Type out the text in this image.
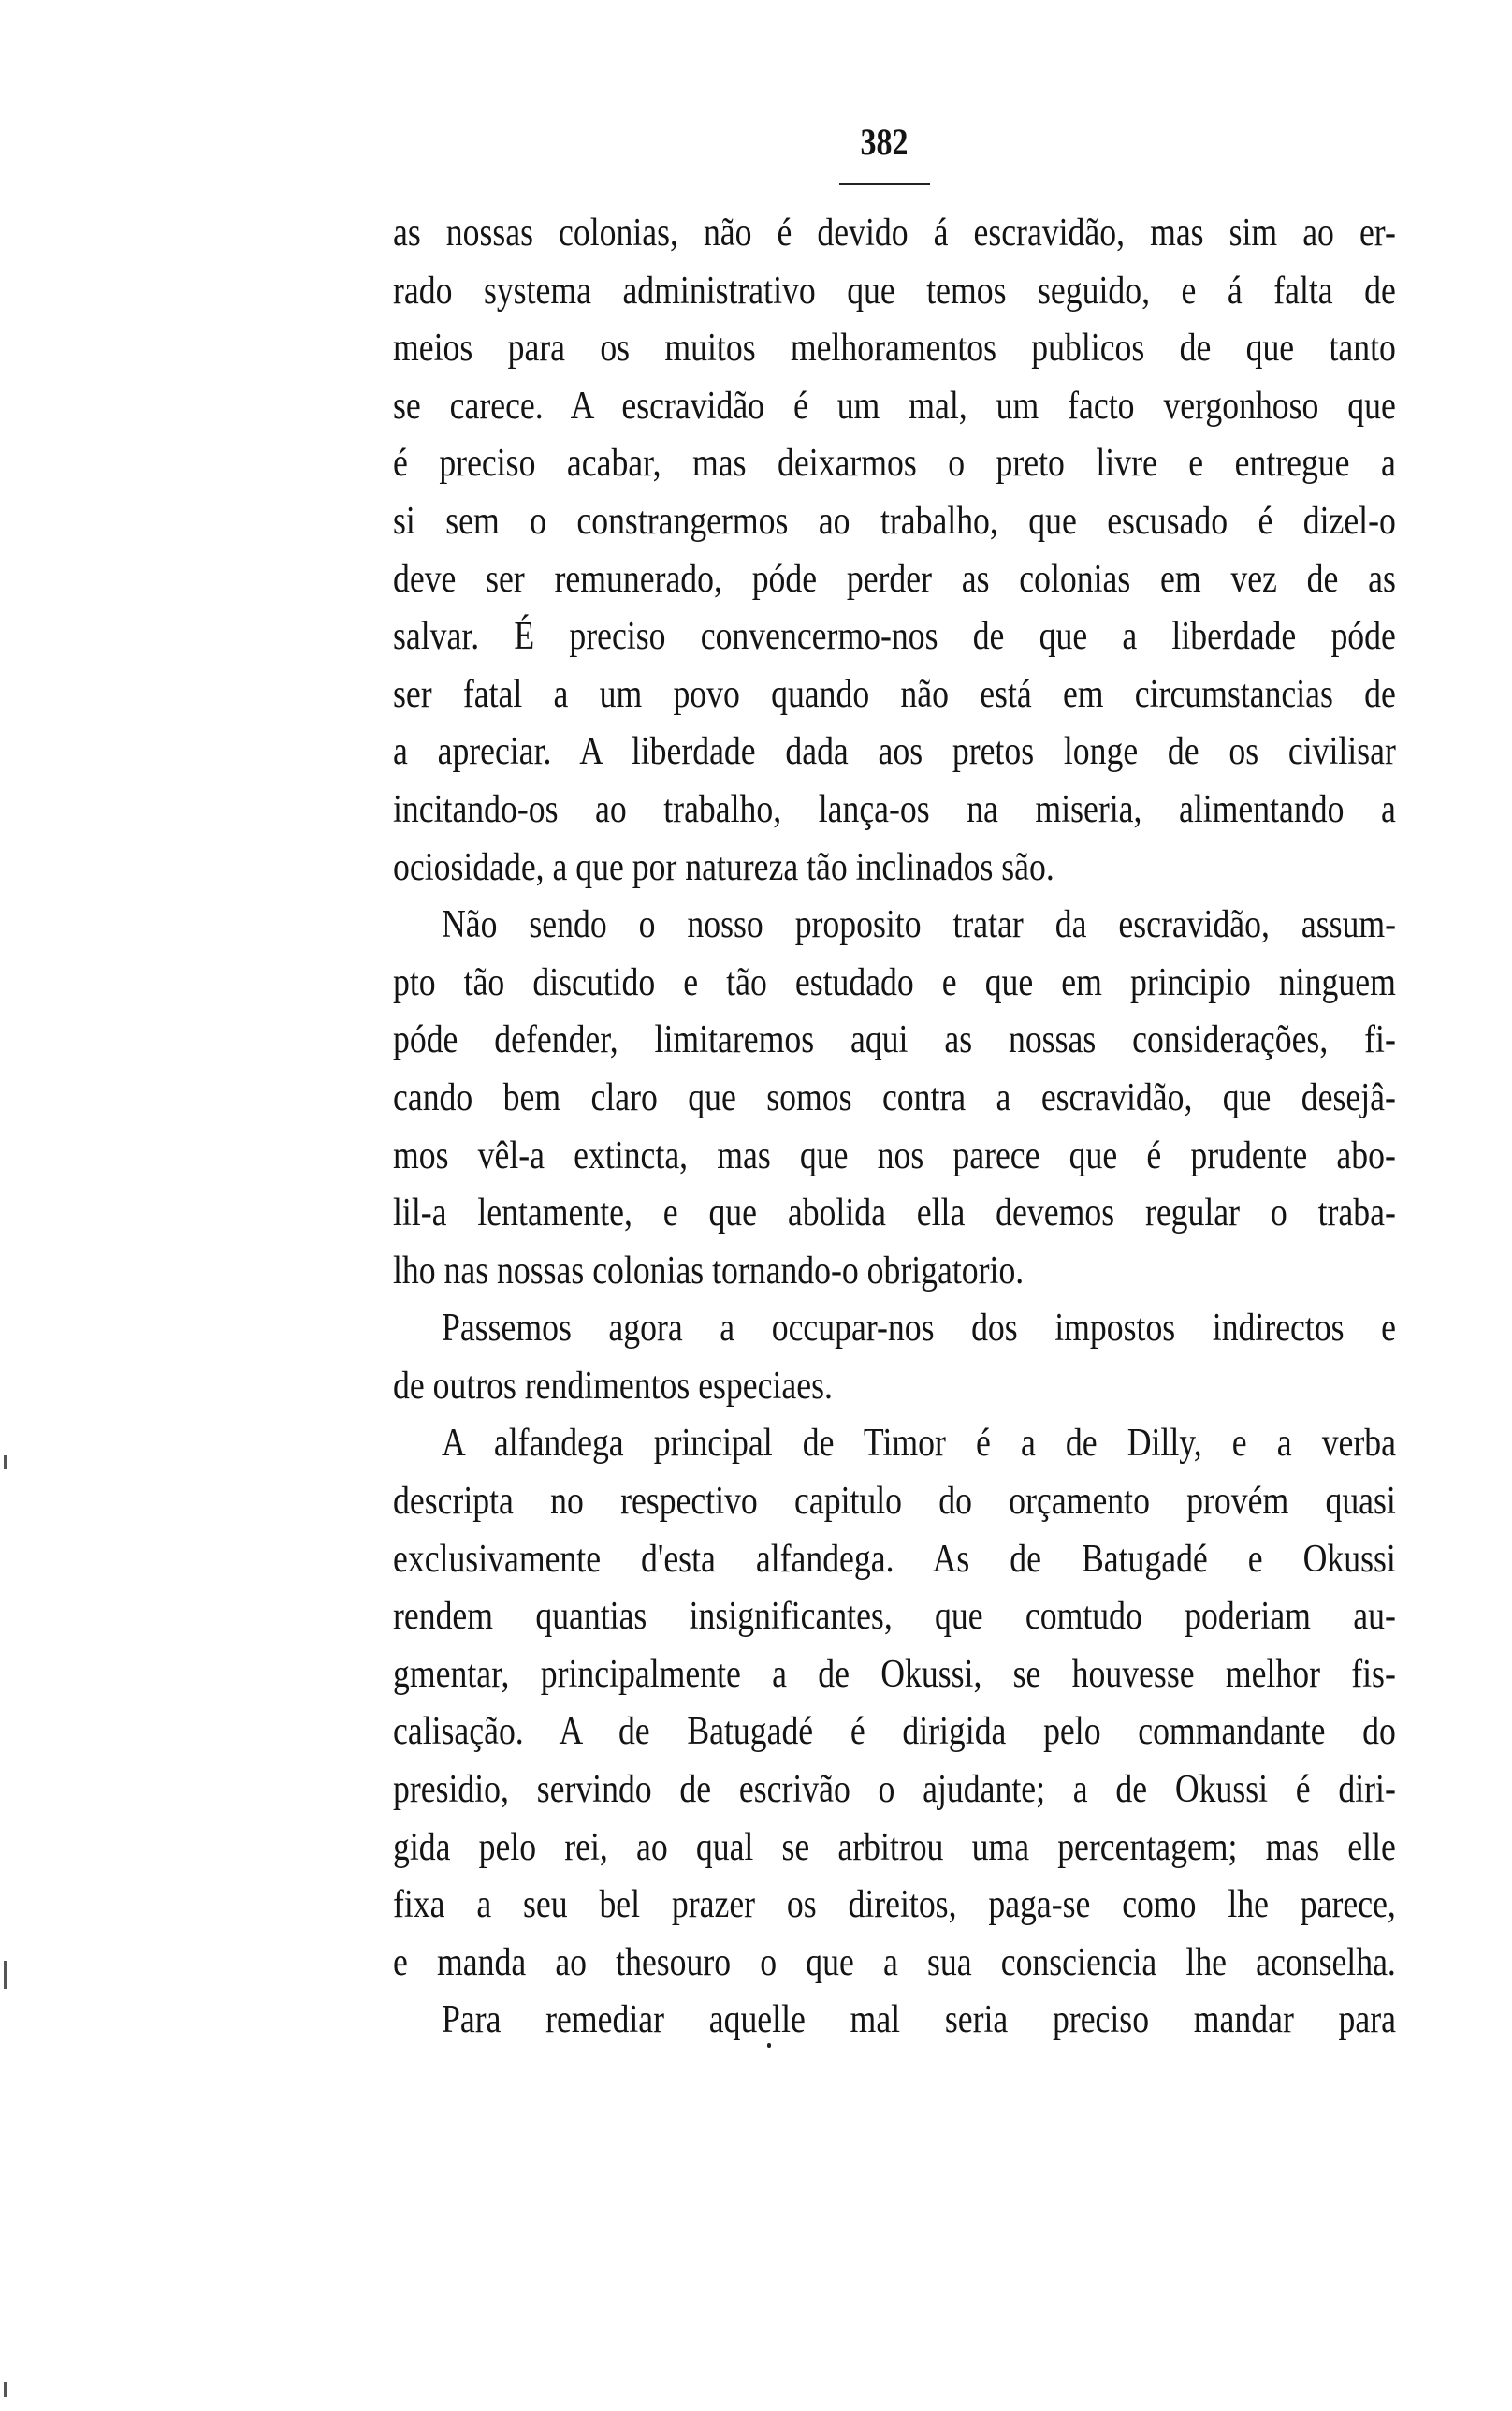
382
as nossas colonias, não é devido á escravidão, mas sim ao er-
rado systema administrativo que temos seguido, e á falta de
meios para os muitos melhoramentos publicos de que tanto
se carece. A escravidão é um mal, um facto vergonhoso que
é preciso acabar, mas deixarmos o preto livre e entregue a
si sem o constrangermos ao trabalho, que escusado é dizel-o
deve ser remunerado, póde perder as colonias em vez de as
salvar. É preciso convencermo-nos de que a liberdade póde
ser fatal a um povo quando não está em circumstancias de
a apreciar. A liberdade dada aos pretos longe de os civilisar
incitando-os ao trabalho, lança-os na miseria, alimentando a
ociosidade, a que por natureza tão inclinados são.
Não sendo o nosso proposito tratar da escravidão, assum-
pto tão discutido e tão estudado e que em principio ninguem
póde defender, limitaremos aqui as nossas considerações, fi-
cando bem claro que somos contra a escravidão, que desejâ-
mos vêl-a extincta, mas que nos parece que é prudente abo-
lil-a lentamente, e que abolida ella devemos regular o traba-
lho nas nossas colonias tornando-o obrigatorio.
Passemos agora a occupar-nos dos impostos indirectos e
de outros rendimentos especiaes.
A alfandega principal de Timor é a de Dilly, e a verba
descripta no respectivo capitulo do orçamento provém quasi
exclusivamente d'esta alfandega. As de Batugadé e Okussi
rendem quantias insignificantes, que comtudo poderiam au-
gmentar, principalmente a de Okussi, se houvesse melhor fis-
calisação. A de Batugadé é dirigida pelo commandante do
presidio, servindo de escrivão o ajudante; a de Okussi é diri-
gida pelo rei, ao qual se arbitrou uma percentagem; mas elle
fixa a seu bel prazer os direitos, paga-se como lhe parece,
e manda ao thesouro o que a sua consciencia lhe aconselha.
Para remediar aquelle mal seria preciso mandar para
